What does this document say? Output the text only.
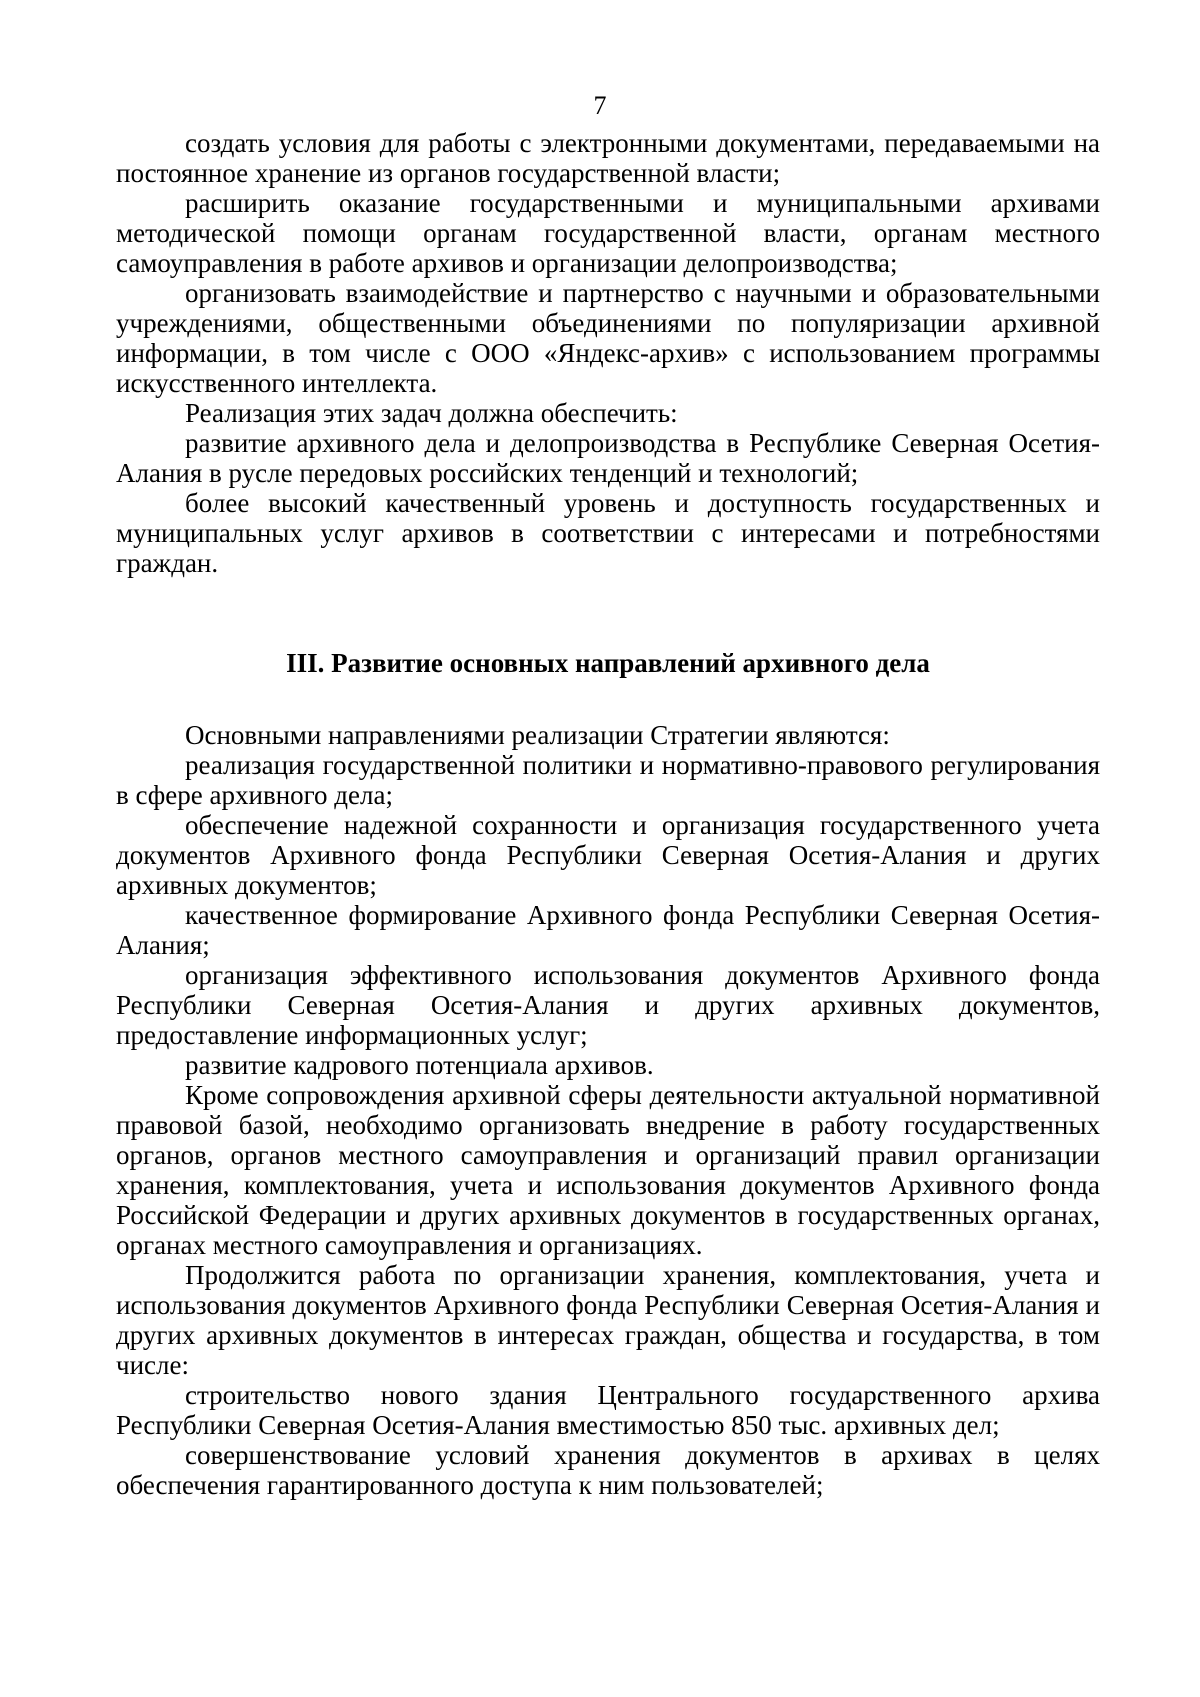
7

создать условия для работы с электронными документами, передаваемыми на постоянное хранение из органов государственной власти;

расширить оказание государственными и муниципальными архивами методической помощи органам государственной власти, органам местного самоуправления в работе архивов и организации делопроизводства;

организовать взаимодействие и партнерство с научными и образовательными учреждениями, общественными объединениями по популяризации архивной информации, в том числе с ООО «Яндекс-архив» с использованием программы искусственного интеллекта.

Реализация этих задач должна обеспечить:

развитие архивного дела и делопроизводства в Республике Северная Осетия-Алания в русле передовых российских тенденций и технологий;

более высокий качественный уровень и доступность государственных и муниципальных услуг архивов в соответствии с интересами и потребностями граждан.

III. Развитие основных направлений архивного дела

Основными направлениями реализации Стратегии являются:

реализация государственной политики и нормативно-правового регулирования в сфере архивного дела;

обеспечение надежной сохранности и организация государственного учета документов Архивного фонда Республики Северная Осетия-Алания и других архивных документов;

качественное формирование Архивного фонда Республики Северная Осетия-Алания;

организация эффективного использования документов Архивного фонда Республики Северная Осетия-Алания и других архивных документов, предоставление информационных услуг;

развитие кадрового потенциала архивов.

Кроме сопровождения архивной сферы деятельности актуальной нормативной правовой базой, необходимо организовать внедрение в работу государственных органов, органов местного самоуправления и организаций правил организации хранения, комплектования, учета и использования документов Архивного фонда Российской Федерации и других архивных документов в государственных органах, органах местного самоуправления и организациях.

Продолжится работа по организации хранения, комплектования, учета и использования документов Архивного фонда Республики Северная Осетия-Алания и других архивных документов в интересах граждан, общества и государства, в том числе:

строительство нового здания Центрального государственного архива Республики Северная Осетия-Алания вместимостью 850 тыс. архивных дел;

совершенствование условий хранения документов в архивах в целях обеспечения гарантированного доступа к ним пользователей;
